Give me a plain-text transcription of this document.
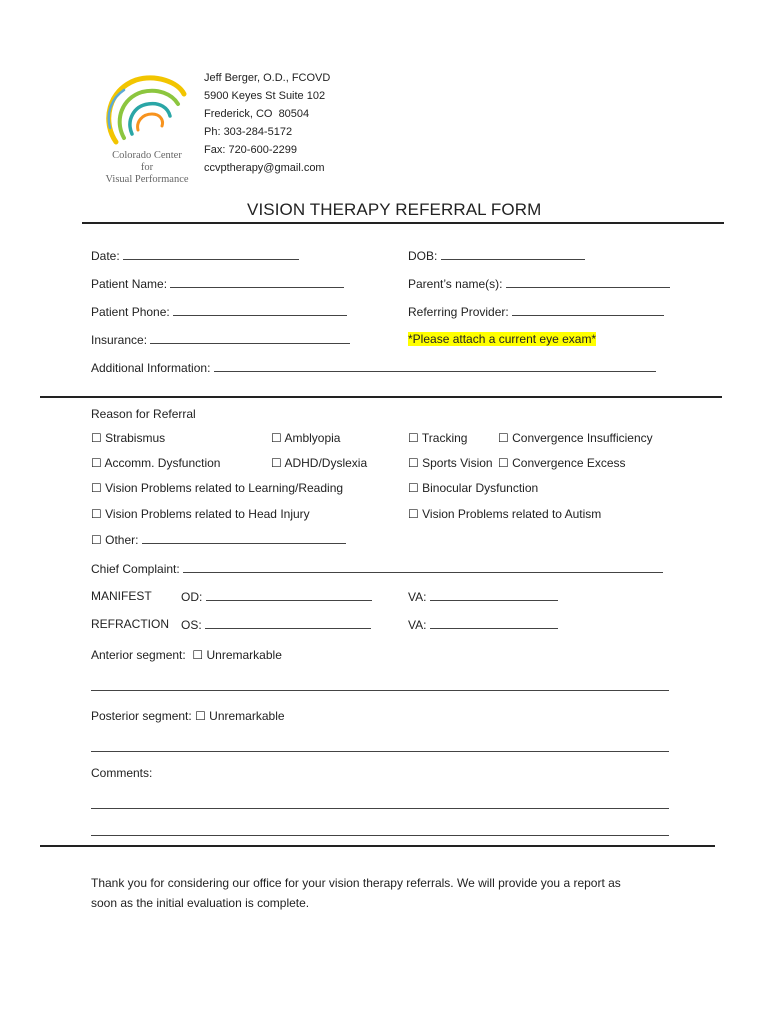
Colorado Center

for

Visual Performance

Jeff Berger, O.D., FCOVD
5900 Keyes St Suite 102
Frederick, CO  80504
Ph: 303-284-5172
Fax: 720-600-2299
ccvptherapy@gmail.com
VISION THERAPY REFERRAL FORM
Date:	DOB:
Patient Name:	Parent’s name(s):
Patient Phone:	Referring Provider:
Insurance:	*Please attach a current eye exam*
Additional Information:
Reason for Referral
☐ Strabismus	☐ Amblyopia	☐ Tracking	☐ Convergence Insufficiency
☐ Accomm. Dysfunction	☐ ADHD/Dyslexia	☐ Sports Vision ☐ Convergence Excess
☐ Vision Problems related to Learning/Reading	☐ Binocular Dysfunction
☐ Vision Problems related to Head Injury	☐ Vision Problems related to Autism
☐ Other:
Chief Complaint:
MANIFEST OD:	VA:
REFRACTION OS:	VA:
Anterior segment: ☐ Unremarkable
Posterior segment: ☐ Unremarkable
Comments:
Thank you for considering our office for your vision therapy referrals. We will provide you a report as
soon as the initial evaluation is complete.
